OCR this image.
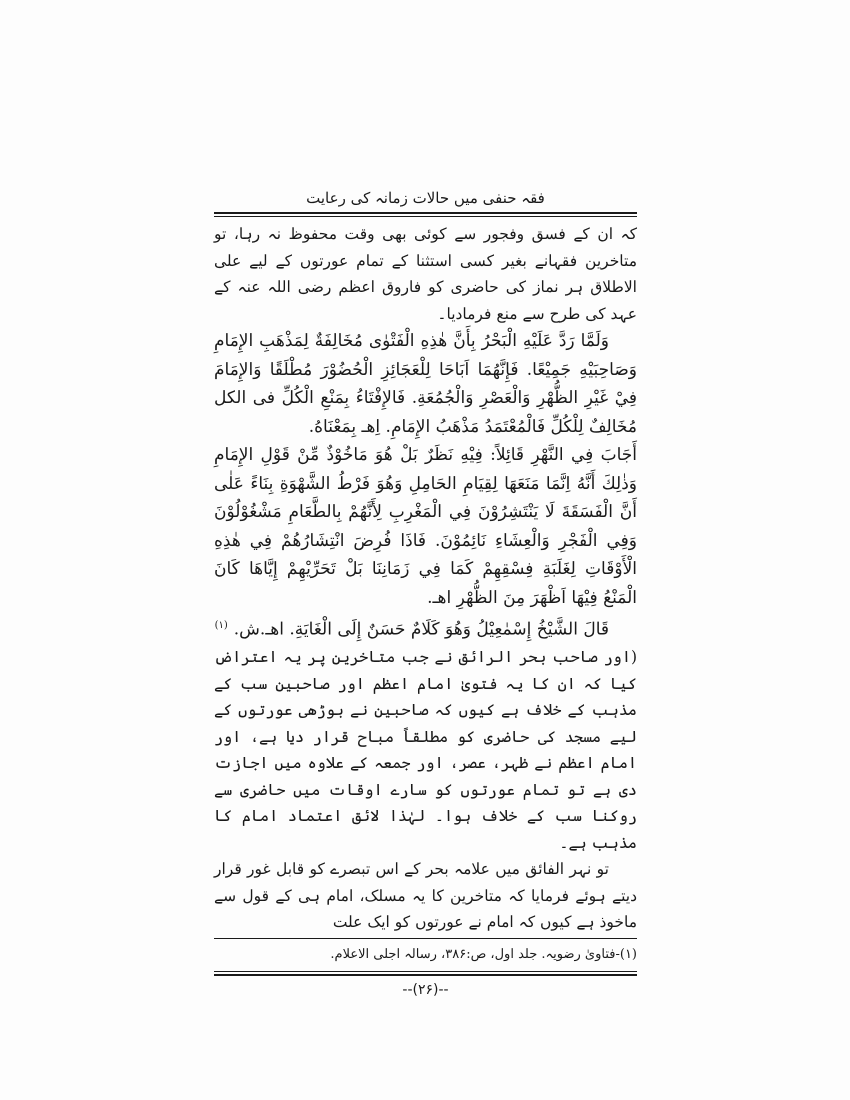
فقہ حنفی میں حالات زمانہ کی رعایت

کہ ان کے فسق وفجور سے کوئی بھی وقت محفوظ نہ رہا، تو متاخرین فقہانے بغیر کسی استثنا کے تمام عورتوں کے لیے علی الاطلاق ہر نماز کی حاضری کو فاروق اعظم رضی اللہ عنہ کے عہد کی طرح سے منع فرمادیا۔

وَلَمَّا رَدَّ عَلَيْهِ الْبَحْرُ بِأَنَّ هٰذِهِ الْفَتْوٰى مُخَالِفَةٌ لِمَذْهَبِ الإِمَامِ وَصَاحِبَيْهِ جَمِيْعًا. فَإِنَّهُمَا اَبَاحَا لِلْعَجَائِزِ الْحُضُوْرَ مُطْلَقًا وَالإِمَامَ فِيْ غَيْرِ الظُّهْرِ وَالْعَصْرِ وَالْجُمُعَةِ. فَالإِفْتَاءُ بِمَنْعِ الْكُلِّ فى الكل مُخَالِفٌ لِلْكُلِّ فَالْمُعْتَمَدُ مَذْهَبُ الإِمَامِ. اِهـ بِمَعْنَاهُ.

أَجَابَ فِي النَّهْرِ قَائِلاً: فِيْهِ نَظَرٌ بَلْ هُوَ مَاخُوْذٌ مِّنْ قَوْلِ الإِمَامِ وَذٰلِكَ أَنَّهُ اِنَّمَا مَنَعَهَا لِقِيَامِ الحَامِلِ وَهُوَ فَرْطُ الشَّهْوَةِ بِنَاءً عَلٰى أَنَّ الْفَسَقَةَ لَا يَنْتَشِرُوْنَ فِي الْمَغْرِبِ لِأَنَّهُمْ بِالطَّعَامِ مَشْغُوْلُوْنَ وَفِي الْفَجْرِ وَالْعِشَاءِ نَائِمُوْنَ. فَاذَا فُرِضَ انْتِشَارُهُمْ فِي هٰذِهِ الْأَوْقَاتِ لِغَلَبَةِ فِسْقِهِمْ كَمَا فِي زَمَانِنَا بَلْ تَحَرِّيْهِمْ إِيَّاهَا كَانَ الْمَنْعُ فِيْهَا اَظْهَرَ مِنَ الظُّهْرِ اهـ.

قَالَ الشَّيْخُ إِسْمٰعِيْلُ وَهُوَ كَلَامٌ حَسَنٌ إِلَى الْغَايَةِ. اهـ.ش.$^{(۱)}$

(اور صاحب بحر الرائق نے جب متاخرین پر یہ اعتراض کیا کہ ان کا یہ فتویٰ امام اعظم اور صاحبین سب کے مذہب کے خلاف ہے کیوں کہ صاحبین نے بوڑھی عورتوں کے لیے مسجد کی حاضری کو مطلقاً مباح قرار دیا ہے، اور امام اعظم نے ظہر، عصر، اور جمعہ کے علاوہ میں اجازت دی ہے تو تمام عورتوں کو سارے اوقات میں حاضری سے روکنا سب کے خلاف ہوا۔ لہٰذا لائق اعتماد امام کا مذہب ہے۔

تو نہر الفائق میں علامہ بحر کے اس تبصرے کو قابل غور قرار دیتے ہوئے فرمایا کہ متاخرین کا یہ مسلک، امام ہی کے قول سے ماخوذ ہے کیوں کہ امام نے عورتوں کو ایک علت

(۱)-فتاویٰ رضویہ. جلد اول، ص:۳۸۶، رسالہ اجلی الاعلام.

--(۲۶)--
